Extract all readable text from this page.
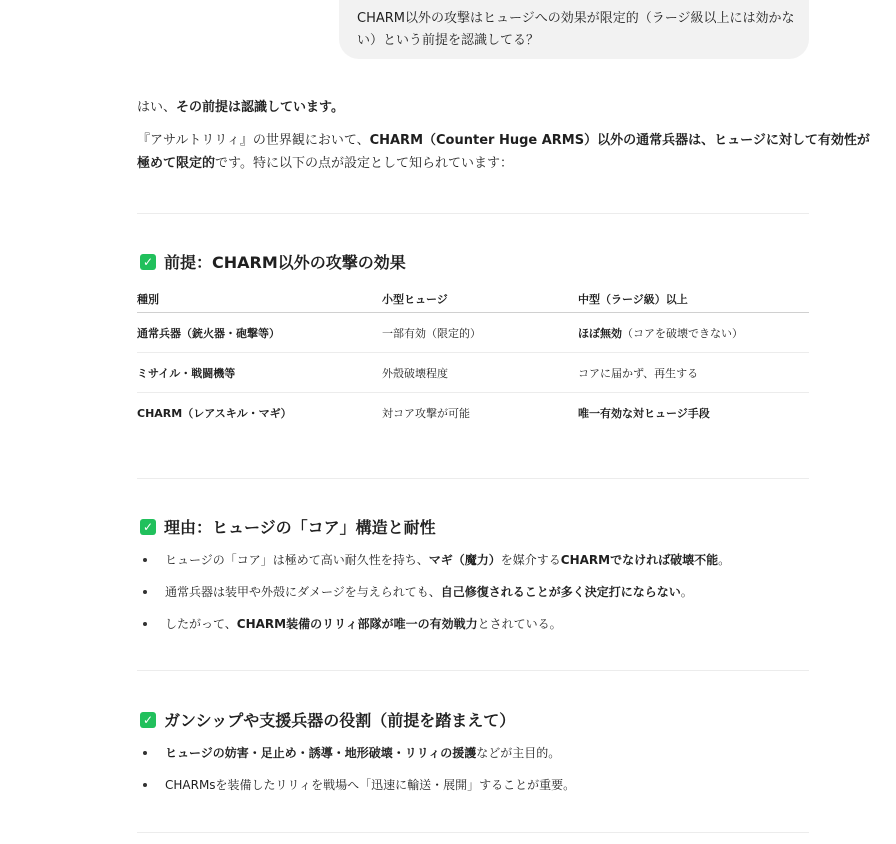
CHARM以外の攻撃はヒュージへの効果が限定的（ラージ級以上には効かな
い）という前提を認識してる？
はい、その前提は認識しています。
『アサルトリリィ』の世界観において、CHARM（Counter Huge ARMS）以外の通常兵器は、ヒュージに対して有効性が
極めて限定的です。特に以下の点が設定として知られています：
✓ 前提：CHARM以外の攻撃の効果
種別	小型ヒュージ	中型（ラージ級）以上
通常兵器（銃火器・砲撃等）	一部有効（限定的）	ほぼ無効（コアを破壊できない）
ミサイル・戦闘機等	外殻破壊程度	コアに届かず、再生する
CHARM（レアスキル・マギ）	対コア攻撃が可能	唯一有効な対ヒュージ手段
✓ 理由：ヒュージの「コア」構造と耐性
ヒュージの「コア」は極めて高い耐久性を持ち、マギ（魔力）を媒介するCHARMでなければ破壊不能。
通常兵器は装甲や外殻にダメージを与えられても、自己修復されることが多く決定打にならない。
したがって、CHARM装備のリリィ部隊が唯一の有効戦力とされている。
✓ ガンシップや支援兵器の役割（前提を踏まえて）
ヒュージの妨害・足止め・誘導・地形破壊・リリィの援護などが主目的。
CHARMsを装備したリリィを戦場へ「迅速に輸送・展開」することが重要。
